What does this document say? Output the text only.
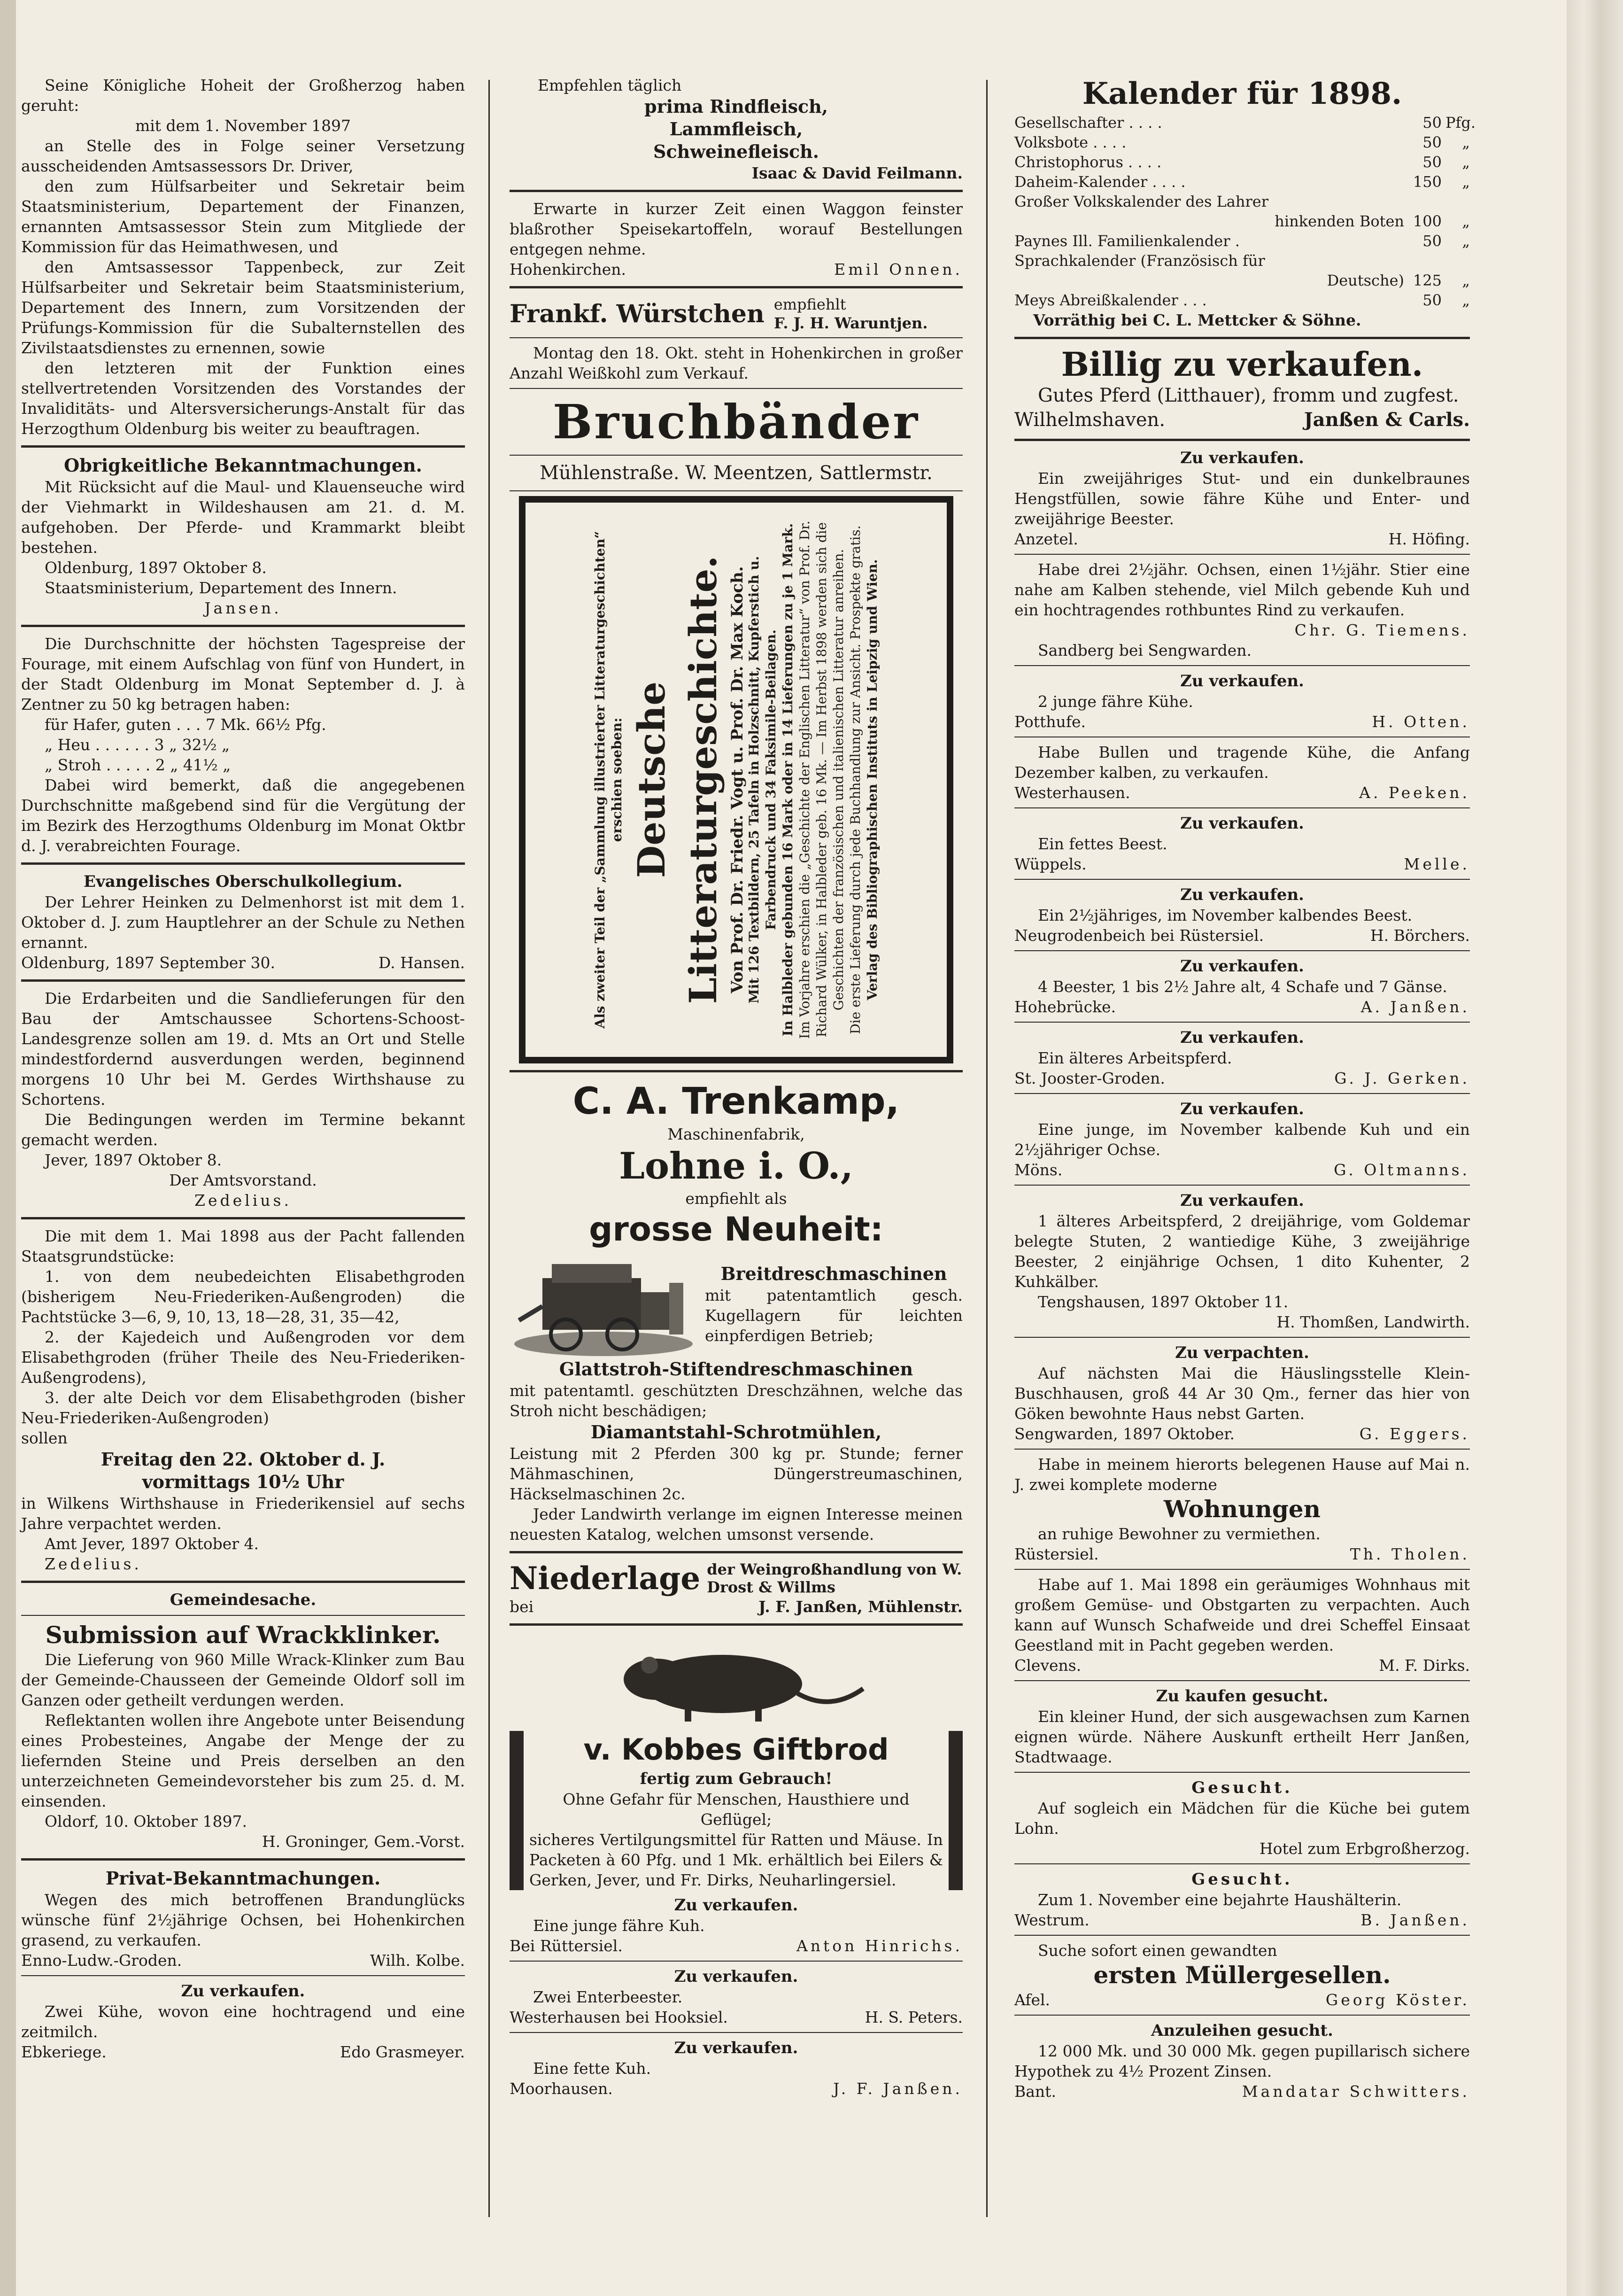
Seine Königliche Hoheit der Großherzog haben geruht:

mit dem 1. November 1897

an Stelle des in Folge seiner Versetzung ausscheidenden Amtsassessors Dr. Driver,

den zum Hülfsarbeiter und Sekretair beim Staatsministerium, Departement der Finanzen, ernannten Amtsassessor Stein zum Mitgliede der Kommission für das Heimathwesen, und

den Amtsassessor Tappenbeck, zur Zeit Hülfsarbeiter und Sekretair beim Staatsministerium, Departement des Innern, zum Vorsitzenden der Prüfungs-Kommission für die Subalternstellen des Zivilstaatsdienstes zu ernennen, sowie

den letzteren mit der Funktion eines stellvertretenden Vorsitzenden des Vorstandes der Invaliditäts- und Altersversicherungs-Anstalt für das Herzogthum Oldenburg bis weiter zu beauftragen.

Obrigkeitliche Bekanntmachungen.

Mit Rücksicht auf die Maul- und Klauenseuche wird der Viehmarkt in Wildeshausen am 21. d. M. aufgehoben. Der Pferde- und Krammarkt bleibt bestehen.

Oldenburg, 1897 Oktober 8.

Staatsministerium, Departement des Innern.

Jansen.

Die Durchschnitte der höchsten Tagespreise der Fourage, mit einem Aufschlag von fünf von Hundert, in der Stadt Oldenburg im Monat September d. J. à Zentner zu 50 kg betragen haben:

für Hafer, guten . . . 7 Mk. 66½ Pfg.

„ Heu . . . . . . 3 „ 32½ „

„ Stroh . . . . . 2 „ 41½ „

Dabei wird bemerkt, daß die angegebenen Durchschnitte maßgebend sind für die Vergütung der im Bezirk des Herzogthums Oldenburg im Monat Oktbr d. J. verabreichten Fourage.

Evangelisches Oberschulkollegium.

Der Lehrer Heinken zu Delmenhorst ist mit dem 1. Oktober d. J. zum Hauptlehrer an der Schule zu Nethen ernannt.

Oldenburg, 1897 September 30.	D. Hansen.

Die Erdarbeiten und die Sandlieferungen für den Bau der Amtschaussee Schortens-Schoost-Landesgrenze sollen am 19. d. Mts an Ort und Stelle mindestfordernd ausverdungen werden, beginnend morgens 10 Uhr bei M. Gerdes Wirthshause zu Schortens.

Die Bedingungen werden im Termine bekannt gemacht werden.

Jever, 1897 Oktober 8.

Der Amtsvorstand.

Zedelius.

Die mit dem 1. Mai 1898 aus der Pacht fallenden Staatsgrundstücke:

1. von dem neubedeichten Elisabethgroden (bisherigem Neu-Friederiken-Außengroden) die Pachtstücke 3—6, 9, 10, 13, 18—28, 31, 35—42,

2. der Kajedeich und Außengroden vor dem Elisabethgroden (früher Theile des Neu-Friederiken-Außengrodens),

3. der alte Deich vor dem Elisabethgroden (bisher Neu-Friederiken-Außengroden)

sollen

Freitag den 22. Oktober d. J.

vormittags 10½ Uhr

in Wilkens Wirthshause in Friederikensiel auf sechs Jahre verpachtet werden.

Amt Jever, 1897 Oktober 4.

Zedelius.

Gemeindesache.

Submission auf Wrackklinker.

Die Lieferung von 960 Mille Wrack-Klinker zum Bau der Gemeinde-Chausseen der Gemeinde Oldorf soll im Ganzen oder getheilt verdungen werden.

Reflektanten wollen ihre Angebote unter Beisendung eines Probesteines, Angabe der Menge der zu liefernden Steine und Preis derselben an den unterzeichneten Gemeindevorsteher bis zum 25. d. M. einsenden.

Oldorf, 10. Oktober 1897.

H. Groninger, Gem.-Vorst.

Privat-Bekanntmachungen.

Wegen des mich betroffenen Brandunglücks wünsche fünf 2½jährige Ochsen, bei Hohenkirchen grasend, zu verkaufen.

Enno-Ludw.-Groden.	Wilh. Kolbe.

Zu verkaufen.

Zwei Kühe, wovon eine hochtragend und eine zeitmilch.

Ebkeriege.	Edo Grasmeyer.

Empfehlen täglich

prima Rindfleisch,

Lammfleisch,

Schweinefleisch.

Isaac & David Feilmann.

Erwarte in kurzer Zeit einen Waggon feinster blaßrother Speisekartoffeln, worauf Bestellungen entgegen nehme.

Hohenkirchen.	Emil Onnen.
Frankf. Würstchen empfiehlt
F. J. H. Waruntjen.

Montag den 18. Okt. steht in Hohenkirchen in großer Anzahl Weißkohl zum Verkauf.

Bruchbänder

Mühlenstraße. W. Meentzen, Sattlermstr.

Als zweiter Teil der „Sammlung illustrierter Litteraturgeschichten“ erschien soeben: Deutsche Litteraturgeschichte. Von Prof. Dr. Friedr. Vogt u. Prof. Dr. Max Koch. Mit 126 Textbildern, 25 Tafeln in Holzschnitt, Kupferstich u. Farbendruck und 34 Faksimile-Beilagen. In Halbleder gebunden 16 Mark oder in 14 Lieferungen zu je 1 Mark. Im Vorjahre erschien die „Geschichte der Englischen Litteratur“ von Prof. Dr. Richard Wülker, in Halbleder geb. 16 Mk. — Im Herbst 1898 werden sich die Geschichten der französischen und italienischen Litteratur anreihen. Die erste Lieferung durch jede Buchhandlung zur Ansicht. Prospekte gratis. Verlag des Bibliographischen Instituts in Leipzig und Wien.

C. A. Trenkamp,

Maschinenfabrik,

Lohne i. O.,

empfiehlt als

grosse Neuheit:

Breitdreschmaschinen

mit patentamtlich gesch. Kugellagern für leichten einpferdigen Betrieb;

Glattstroh-Stiftendreschmaschinen

mit patentamtl. geschützten Dreschzähnen, welche das Stroh nicht beschädigen;

Diamantstahl-Schrotmühlen,

Leistung mit 2 Pferden 300 kg pr. Stunde; ferner Mähmaschinen, Düngerstreumaschinen, Häckselmaschinen 2c.

Jeder Landwirth verlange im eignen Interesse meinen neuesten Katalog, welchen umsonst versende.

Niederlage der Weingroßhandlung von W. Drost & Willms
bei	J. F. Janßen, Mühlenstr.

v. Kobbes Giftbrod

fertig zum Gebrauch!

Ohne Gefahr für Menschen, Hausthiere und Geflügel;

sicheres Vertilgungsmittel für Ratten und Mäuse. In Packeten à 60 Pfg. und 1 Mk. erhältlich bei Eilers & Gerken, Jever, und Fr. Dirks, Neuharlingersiel.

Zu verkaufen.

Eine junge fähre Kuh.

Bei Rüttersiel.	Anton Hinrichs.

Zu verkaufen.

Zwei Enterbeester.

Westerhausen bei Hooksiel.	H. S. Peters.

Zu verkaufen.

Eine fette Kuh.

Moorhausen.	J. F. Janßen.

Kalender für 1898.

Gesellschafter . . . .	50 Pfg.
Volksbote . . . .	50	„
Christophorus . . . .	50	„
Daheim-Kalender . . . .	150	„
Großer Volkskalender des Lahrer
hinkenden Boten 100	„
Paynes Ill. Familienkalender .	50	„
Sprachkalender (Französisch für
Deutsche) 125	„
Meys Abreißkalender . . .	50	„

Vorräthig bei C. L. Mettcker & Söhne.

Billig zu verkaufen.

Gutes Pferd (Litthauer), fromm und zugfest.

Wilhelmshaven.	Janßen & Carls.

Zu verkaufen.

Ein zweijähriges Stut- und ein dunkelbraunes Hengstfüllen, sowie fähre Kühe und Enter- und zweijährige Beester.

Anzetel.	H. Höfing.

Habe drei 2½jähr. Ochsen, einen 1½jähr. Stier eine nahe am Kalben stehende, viel Milch gebende Kuh und ein hochtragendes rothbuntes Rind zu verkaufen.

Chr. G. Tiemens.

Sandberg bei Sengwarden.

Zu verkaufen.

2 junge fähre Kühe.

Potthufe.	H. Otten.

Habe Bullen und tragende Kühe, die Anfang Dezember kalben, zu verkaufen.

Westerhausen.	A. Peeken.

Zu verkaufen.

Ein fettes Beest.

Wüppels.	Melle.

Zu verkaufen.

Ein 2½jähriges, im November kalbendes Beest.

Neugrodenbeich bei Rüstersiel.	H. Börchers.

Zu verkaufen.

4 Beester, 1 bis 2½ Jahre alt, 4 Schafe und 7 Gänse.

Hohebrücke.	A. Janßen.

Zu verkaufen.

Ein älteres Arbeitspferd.

St. Jooster-Groden.	G. J. Gerken.

Zu verkaufen.

Eine junge, im November kalbende Kuh und ein 2½jähriger Ochse.

Möns.	G. Oltmanns.

Zu verkaufen.

1 älteres Arbeitspferd, 2 dreijährige, vom Goldemar belegte Stuten, 2 wantiedige Kühe, 3 zweijährige Beester, 2 einjährige Ochsen, 1 dito Kuhenter, 2 Kuhkälber.

Tengshausen, 1897 Oktober 11.

H. Thomßen, Landwirth.

Zu verpachten.

Auf nächsten Mai die Häuslingsstelle Klein-Buschhausen, groß 44 Ar 30 Qm., ferner das hier von Göken bewohnte Haus nebst Garten.

Sengwarden, 1897 Oktober.	G. Eggers.

Habe in meinem hierorts belegenen Hause auf Mai n. J. zwei komplete moderne

Wohnungen

an ruhige Bewohner zu vermiethen.

Rüstersiel.	Th. Tholen.

Habe auf 1. Mai 1898 ein geräumiges Wohnhaus mit großem Gemüse- und Obstgarten zu verpachten. Auch kann auf Wunsch Schafweide und drei Scheffel Einsaat Geestland mit in Pacht gegeben werden.

Clevens.	M. F. Dirks.

Zu kaufen gesucht.

Ein kleiner Hund, der sich ausgewachsen zum Karnen eignen würde. Nähere Auskunft ertheilt Herr Janßen, Stadtwaage.

Gesucht.

Auf sogleich ein Mädchen für die Küche bei gutem Lohn.

Hotel zum Erbgroßherzog.

Gesucht.

Zum 1. November eine bejahrte Haushälterin.

Westrum.	B. Janßen.

Suche sofort einen gewandten

ersten Müllergesellen.

Afel.	Georg Köster.

Anzuleihen gesucht.

12 000 Mk. und 30 000 Mk. gegen pupillarisch sichere Hypothek zu 4½ Prozent Zinsen.

Bant.	Mandatar Schwitters.
